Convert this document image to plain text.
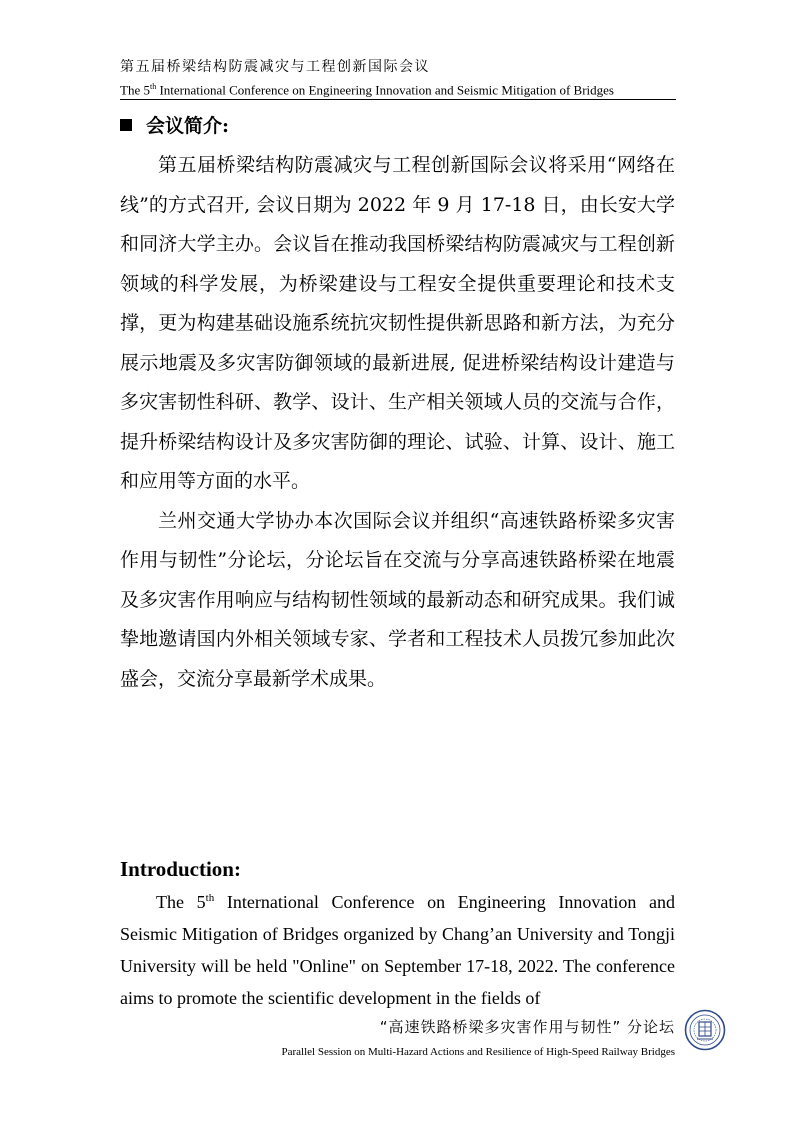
第五届桥梁结构防震减灾与工程创新国际会议
The 5th International Conference on Engineering Innovation and Seismic Mitigation of Bridges
会议简介:

第五届桥梁结构防震减灾与工程创新国际会议将采用“网络在线”的方式召开, 会议日期为 2022 年 9 月 17-18 日，由长安大学和同济大学主办。会议旨在推动我国桥梁结构防震减灾与工程创新领域的科学发展，为桥梁建设与工程安全提供重要理论和技术支撑，更为构建基础设施系统抗灾韧性提供新思路和新方法，为充分展示地震及多灾害防御领域的最新进展, 促进桥梁结构设计建造与多灾害韧性科研、教学、设计、生产相关领域人员的交流与合作，提升桥梁结构设计及多灾害防御的理论、试验、计算、设计、施工和应用等方面的水平。

兰州交通大学协办本次国际会议并组织“高速铁路桥梁多灾害作用与韧性”分论坛，分论坛旨在交流与分享高速铁路桥梁在地震及多灾害作用响应与结构韧性领域的最新动态和研究成果。我们诚挚地邀请国内外相关领域专家、学者和工程技术人员拨冗参加此次盛会，交流分享最新学术成果。

Introduction:

The 5th International Conference on Engineering Innovation and Seismic Mitigation of Bridges organized by Chang’an University and Tongji University will be held "Online" on September 17-18, 2022. The conference aims to promote the scientific development in the fields of

“高速铁路桥梁多灾害作用与韧性” 分论坛
Parallel Session on Multi-Hazard Actions and Resilience of High-Speed Railway Bridges
